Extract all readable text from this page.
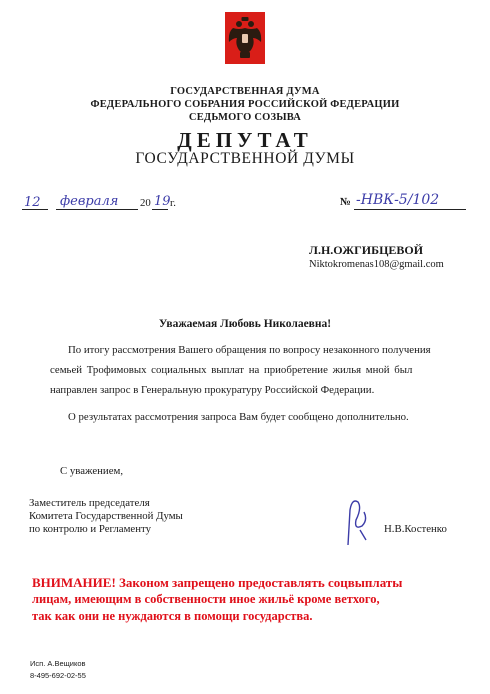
ГОСУДАРСТВЕННАЯ ДУМА
ФЕДЕРАЛЬНОГО СОБРАНИЯ РОССИЙСКОЙ ФЕДЕРАЦИИ
СЕДЬМОГО СОЗЫВА
ДЕПУТАТ
ГОСУДАРСТВЕННОЙ ДУМЫ
12 февраля 20 19 г.	№ -НВК-5/102
Л.Н.ОЖГИБЦЕВОЙ
Niktokromenas108@gmail.com
Уважаемая Любовь Николаевна!
По итогу рассмотрения Вашего обращения по вопросу незаконного получения
семьей Трофимовых социальных выплат на приобретение жилья мной был
направлен запрос в Генеральную прокуратуру Российской Федерации.
О результатах рассмотрения запроса Вам будет сообщено дополнительно.
С уважением,
Заместитель председателя
Комитета Государственной Думы
по контролю и Регламенту	Н.В.Костенко
ВНИМАНИЕ! Законом запрещено предоставлять соцвыплаты
лицам, имеющим в собственности иное жильё кроме ветхого,
так как они не нуждаются в помощи государства.
Исп. А.Вещиков
8-495-692-02-55
